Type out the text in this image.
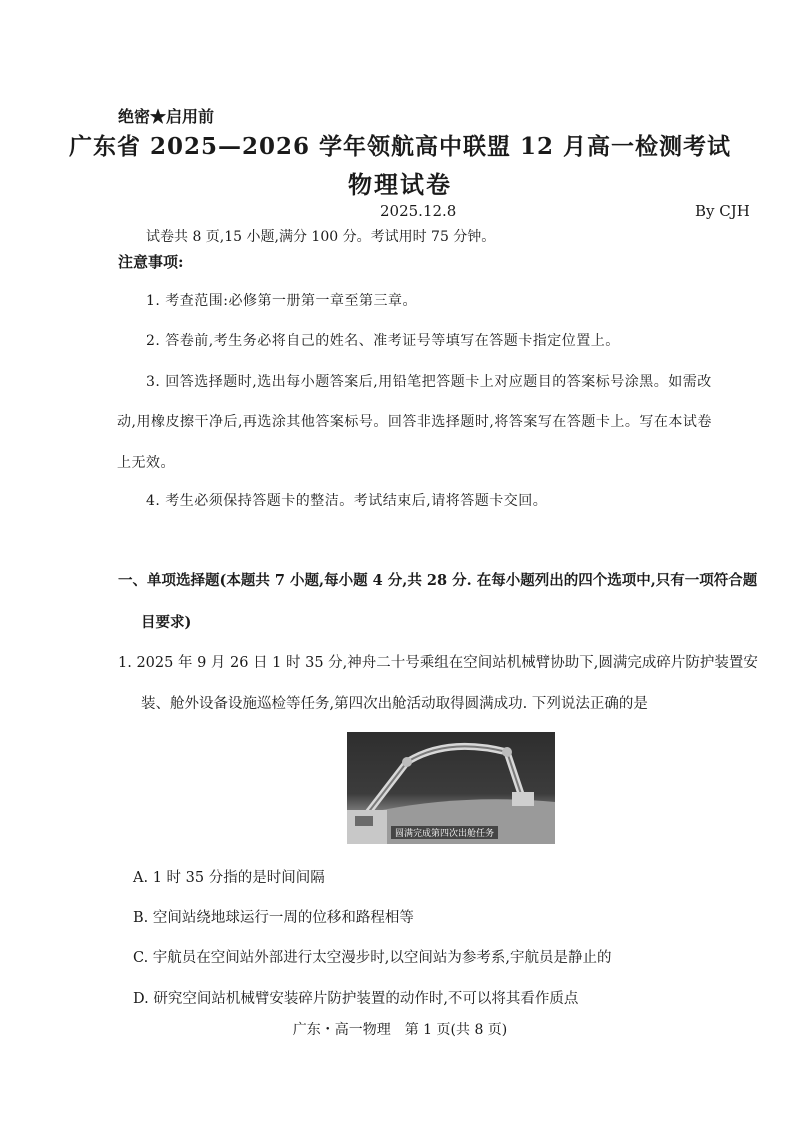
绝密★启用前
广东省 2025—2026 学年领航高中联盟 12 月高一检测考试
物理试卷
2025.12.8	By CJH
试卷共 8 页,15 小题,满分 100 分。考试用时 75 分钟。
注意事项:
1. 考查范围:必修第一册第一章至第三章。
2. 答卷前,考生务必将自己的姓名、准考证号等填写在答题卡指定位置上。
3. 回答选择题时,选出每小题答案后,用铅笔把答题卡上对应题目的答案标号涂黑。如需改
动,用橡皮擦干净后,再选涂其他答案标号。回答非选择题时,将答案写在答题卡上。写在本试卷
上无效。
4. 考生必须保持答题卡的整洁。考试结束后,请将答题卡交回。
一、单项选择题(本题共 7 小题,每小题 4 分,共 28 分. 在每小题列出的四个选项中,只有一项符合题
目要求)
1. 2025 年 9 月 26 日 1 时 35 分,神舟二十号乘组在空间站机械臂协助下,圆满完成碎片防护装置安
装、舱外设备设施巡检等任务,第四次出舱活动取得圆满成功. 下列说法正确的是
圆满完成第四次出舱任务
A. 1 时 35 分指的是时间间隔
B. 空间站绕地球运行一周的位移和路程相等
C. 宇航员在空间站外部进行太空漫步时,以空间站为参考系,宇航员是静止的
D. 研究空间站机械臂安装碎片防护装置的动作时,不可以将其看作质点
广东・高一物理　第 1 页(共 8 页)
